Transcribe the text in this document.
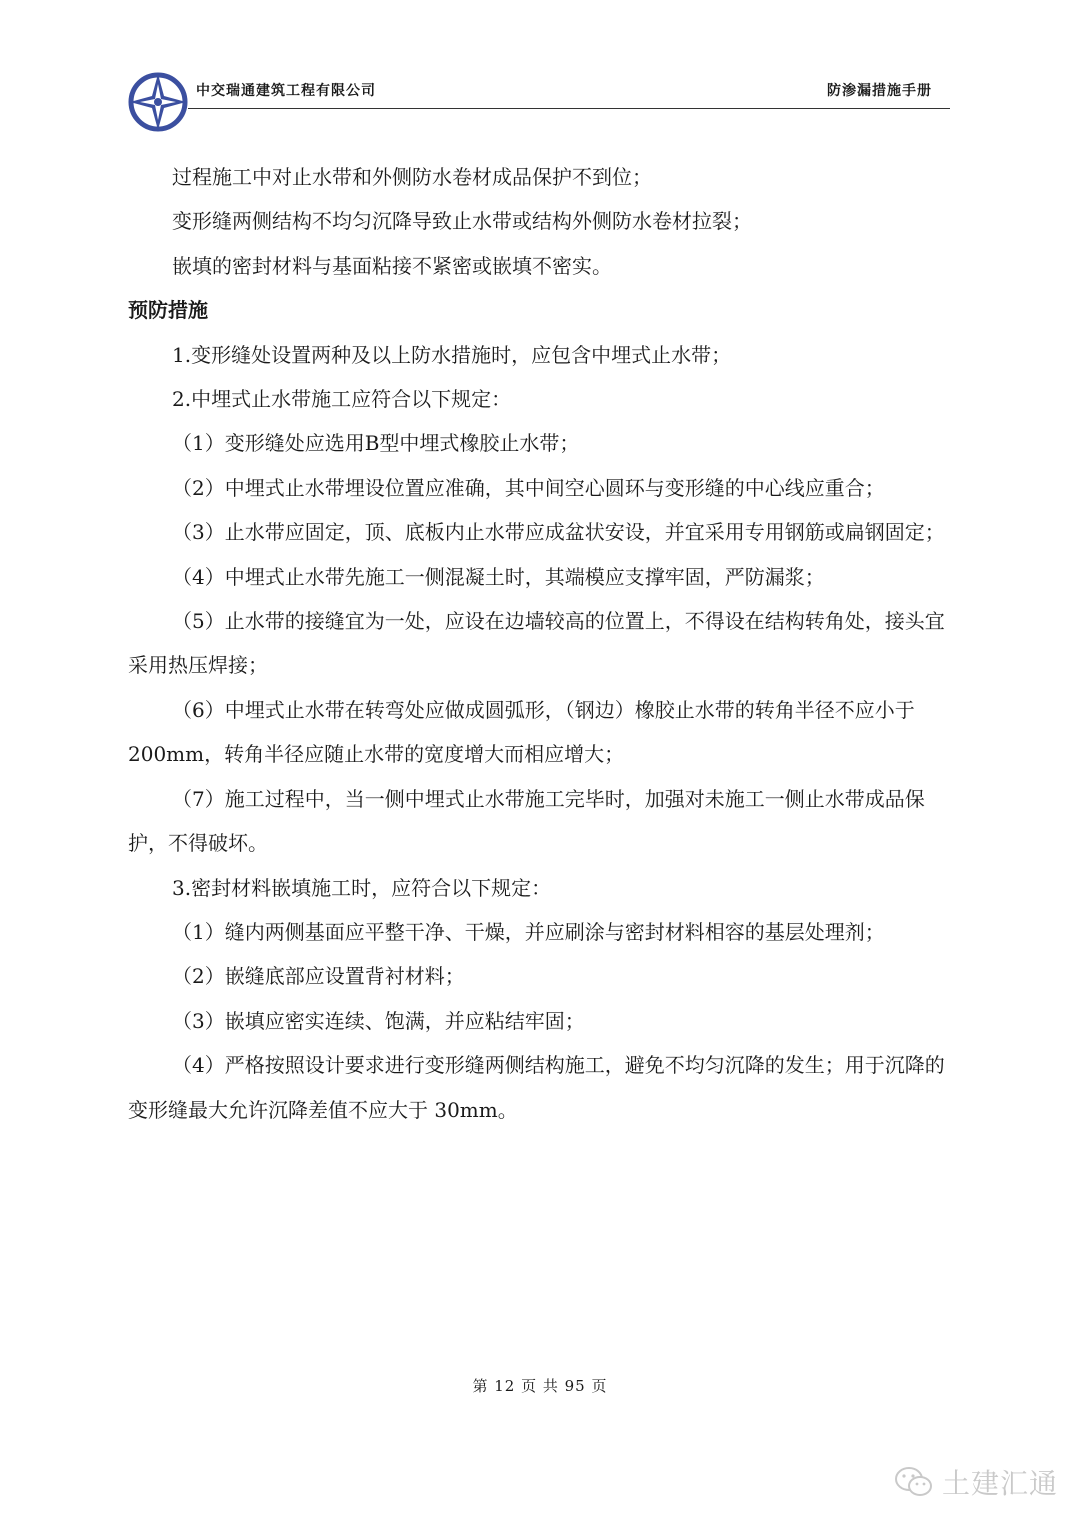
中交瑞通建筑工程有限公司	防渗漏措施手册

过程施工中对止水带和外侧防水卷材成品保护不到位；

变形缝两侧结构不均匀沉降导致止水带或结构外侧防水卷材拉裂；

嵌填的密封材料与基面粘接不紧密或嵌填不密实。

预防措施

1.变形缝处设置两种及以上防水措施时，应包含中埋式止水带；

2.中埋式止水带施工应符合以下规定：

（1）变形缝处应选用B型中埋式橡胶止水带；

（2）中埋式止水带埋设位置应准确，其中间空心圆环与变形缝的中心线应重合；

（3）止水带应固定，顶、底板内止水带应成盆状安设，并宜采用专用钢筋或扁钢固定；

（4）中埋式止水带先施工一侧混凝土时，其端模应支撑牢固，严防漏浆；

（5）止水带的接缝宜为一处，应设在边墙较高的位置上，不得设在结构转角处，接头宜采用热压焊接；

（6）中埋式止水带在转弯处应做成圆弧形，（钢边）橡胶止水带的转角半径不应小于 200mm，转角半径应随止水带的宽度增大而相应增大；

（7）施工过程中，当一侧中埋式止水带施工完毕时，加强对未施工一侧止水带成品保护，不得破坏。

3.密封材料嵌填施工时，应符合以下规定：

（1）缝内两侧基面应平整干净、干燥，并应刷涂与密封材料相容的基层处理剂；

（2）嵌缝底部应设置背衬材料；

（3）嵌填应密实连续、饱满，并应粘结牢固；

（4）严格按照设计要求进行变形缝两侧结构施工，避免不均匀沉降的发生；用于沉降的变形缝最大允许沉降差值不应大于 30mm。

第 12 页 共 95 页
土建汇通
